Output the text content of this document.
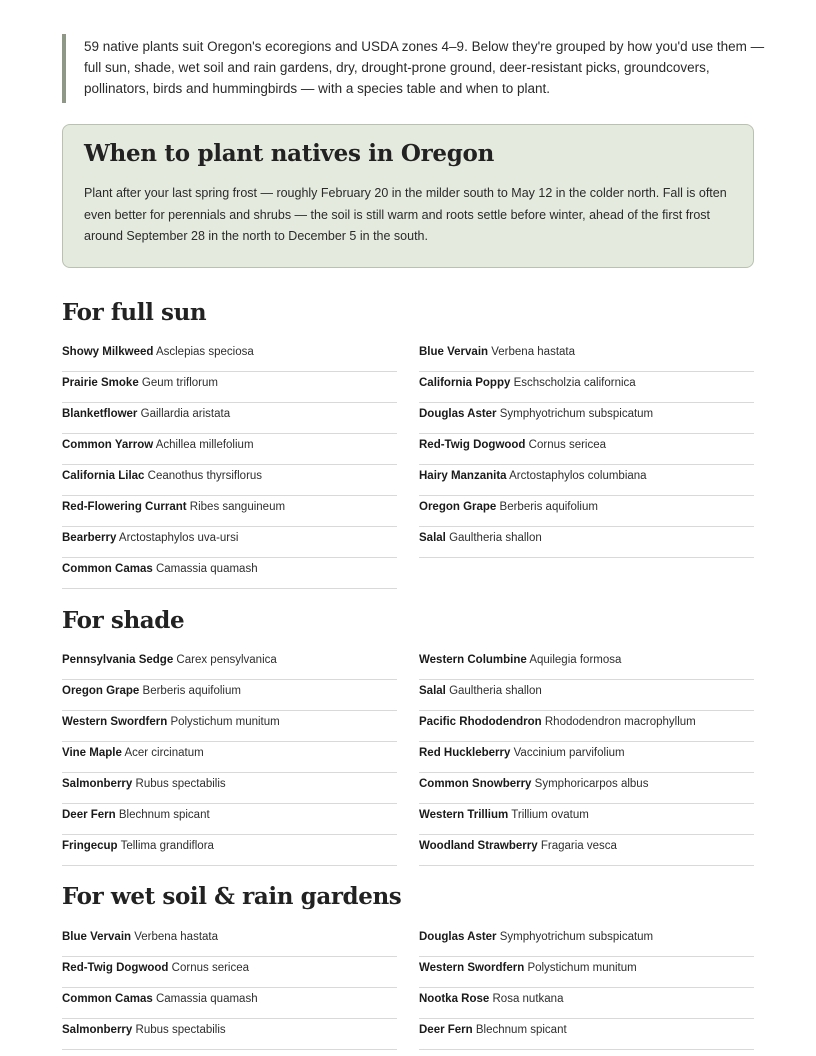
59 native plants suit Oregon's ecoregions and USDA zones 4–9. Below they're grouped by how you'd use them — full sun, shade, wet soil and rain gardens, dry, drought-prone ground, deer-resistant picks, groundcovers, pollinators, birds and hummingbirds — with a species table and when to plant.
When to plant natives in Oregon

Plant after your last spring frost — roughly February 20 in the milder south to May 12 in the colder north. Fall is often even better for perennials and shrubs — the soil is still warm and roots settle before winter, ahead of the first frost around September 28 in the north to December 5 in the south.

For full sun
Showy Milkweed Asclepias speciosa
Prairie Smoke Geum triflorum
Blanketflower Gaillardia aristata
Common Yarrow Achillea millefolium
California Lilac Ceanothus thyrsiflorus
Red-Flowering Currant Ribes sanguineum
Bearberry Arctostaphylos uva-ursi
Common Camas Camassia quamash
Blue Vervain Verbena hastata
California Poppy Eschscholzia californica
Douglas Aster Symphyotrichum subspicatum
Red-Twig Dogwood Cornus sericea
Hairy Manzanita Arctostaphylos columbiana
Oregon Grape Berberis aquifolium
Salal Gaultheria shallon
For shade
Pennsylvania Sedge Carex pensylvanica
Oregon Grape Berberis aquifolium
Western Swordfern Polystichum munitum
Vine Maple Acer circinatum
Salmonberry Rubus spectabilis
Deer Fern Blechnum spicant
Fringecup Tellima grandiflora
Western Columbine Aquilegia formosa
Salal Gaultheria shallon
Pacific Rhododendron Rhododendron macrophyllum
Red Huckleberry Vaccinium parvifolium
Common Snowberry Symphoricarpos albus
Western Trillium Trillium ovatum
Woodland Strawberry Fragaria vesca
For wet soil & rain gardens
Blue Vervain Verbena hastata
Red-Twig Dogwood Cornus sericea
Common Camas Camassia quamash
Salmonberry Rubus spectabilis
Douglas Aster Symphyotrichum subspicatum
Western Swordfern Polystichum munitum
Nootka Rose Rosa nutkana
Deer Fern Blechnum spicant
